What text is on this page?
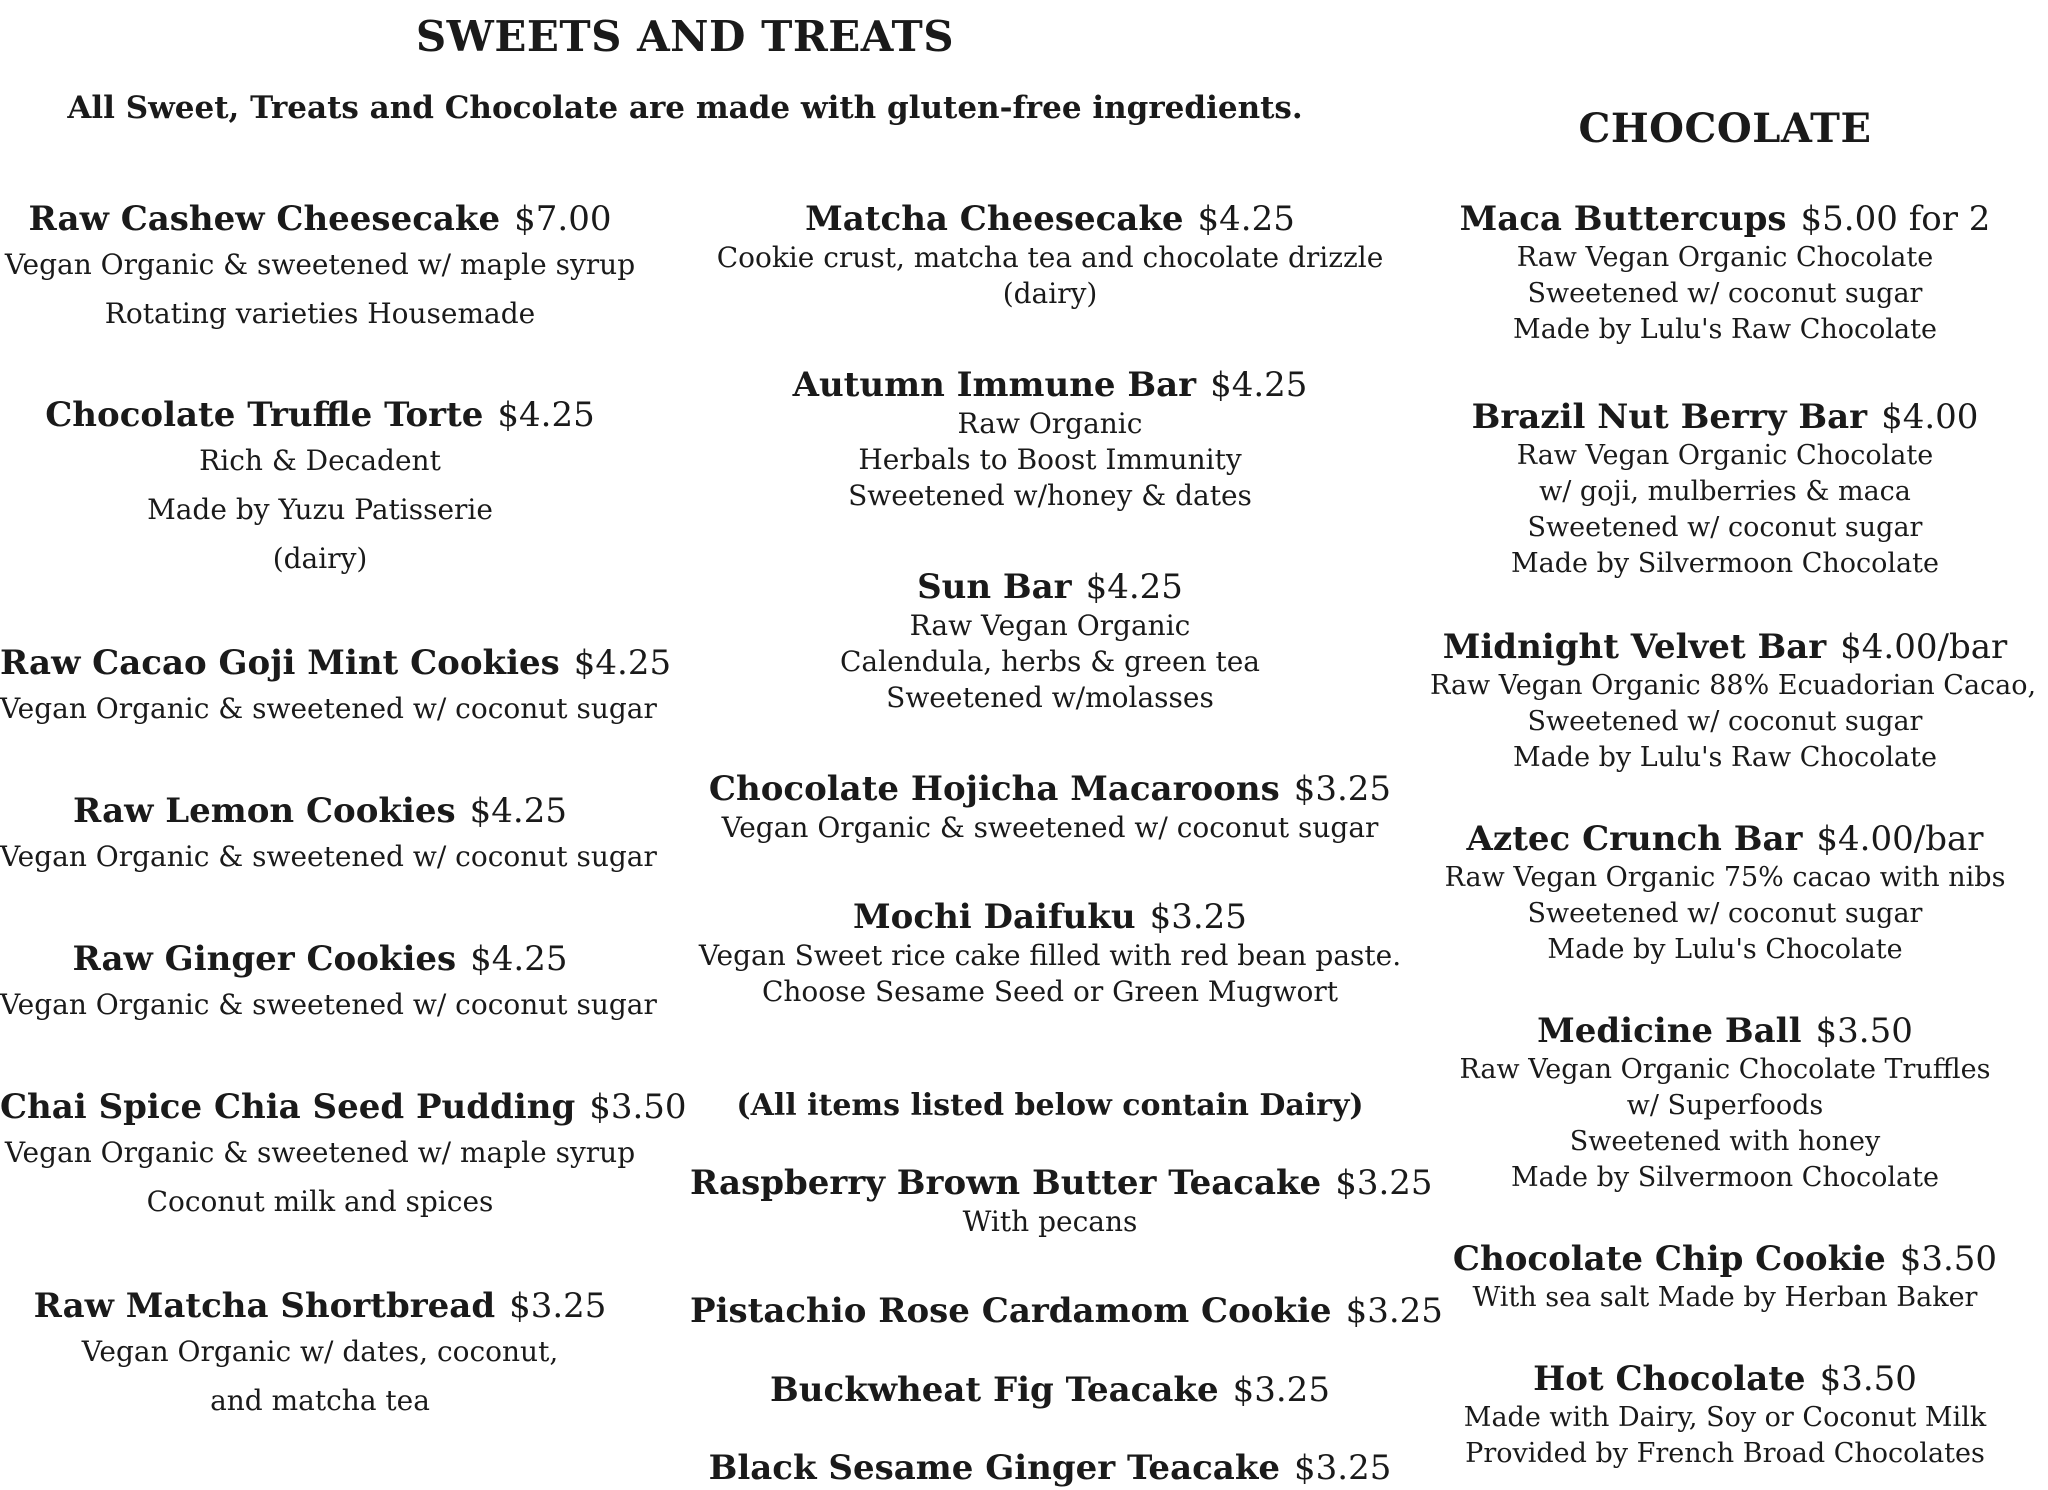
SWEETS AND TREATS
All Sweet, Treats and Chocolate are made with gluten-free ingredients.	CHOCOLATE
Raw Cashew Cheesecake $7.00
Vegan Organic & sweetened w/ maple syrup
Rotating varieties Housemade
Chocolate Truffle Torte $4.25
Rich & Decadent
Made by Yuzu Patisserie
(dairy)
Raw Cacao Goji Mint Cookies $4.25
Vegan Organic & sweetened w/ coconut sugar
Raw Lemon Cookies $4.25
Vegan Organic & sweetened w/ coconut sugar
Raw Ginger Cookies $4.25
Vegan Organic & sweetened w/ coconut sugar
Chai Spice Chia Seed Pudding $3.50
Vegan Organic & sweetened w/ maple syrup
Coconut milk and spices
Raw Matcha Shortbread $3.25
Vegan Organic w/ dates, coconut,
and matcha tea
Matcha Cheesecake $4.25
Cookie crust, matcha tea and chocolate drizzle
(dairy)
Autumn Immune Bar $4.25
Raw Organic
Herbals to Boost Immunity
Sweetened w/honey & dates
Sun Bar $4.25
Raw Vegan Organic
Calendula, herbs & green tea
Sweetened w/molasses
Chocolate Hojicha Macaroons $3.25
Vegan Organic & sweetened w/ coconut sugar
Mochi Daifuku $3.25
Vegan Sweet rice cake filled with red bean paste.
Choose Sesame Seed or Green Mugwort
(All items listed below contain Dairy)
Raspberry Brown Butter Teacake $3.25
With pecans
Pistachio Rose Cardamom Cookie $3.25
Buckwheat Fig Teacake $3.25
Black Sesame Ginger Teacake $3.25
Maca Buttercups $5.00 for 2
Raw Vegan Organic Chocolate
Sweetened w/ coconut sugar
Made by Lulu's Raw Chocolate
Brazil Nut Berry Bar $4.00
Raw Vegan Organic Chocolate
w/ goji, mulberries & maca
Sweetened w/ coconut sugar
Made by Silvermoon Chocolate
Midnight Velvet Bar $4.00/bar
Raw Vegan Organic 88% Ecuadorian Cacao,
Sweetened w/ coconut sugar
Made by Lulu's Raw Chocolate
Aztec Crunch Bar $4.00/bar
Raw Vegan Organic 75% cacao with nibs
Sweetened w/ coconut sugar
Made by Lulu's Chocolate
Medicine Ball $3.50
Raw Vegan Organic Chocolate Truffles
w/ Superfoods
Sweetened with honey
Made by Silvermoon Chocolate
Chocolate Chip Cookie $3.50
With sea salt Made by Herban Baker
Hot Chocolate $3.50
Made with Dairy, Soy or Coconut Milk
Provided by French Broad Chocolates
